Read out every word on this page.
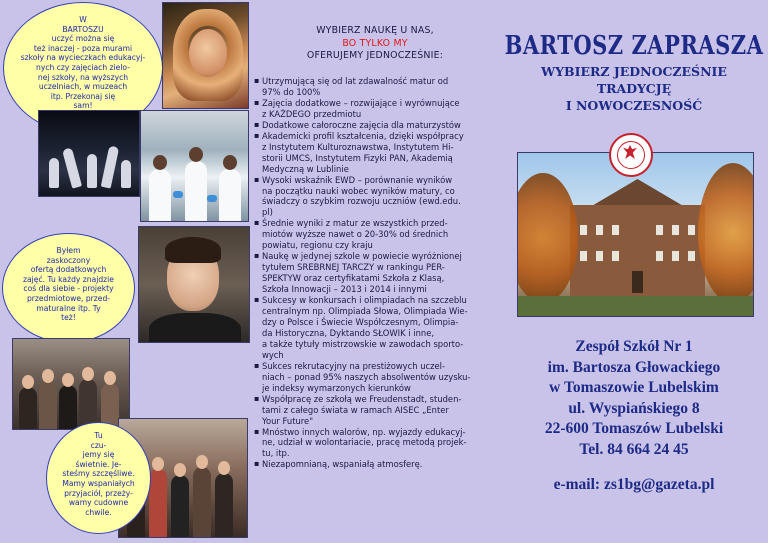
W
BARTOSZU
uczyć można się
też inaczej - poza murami
szkoły na wycieczkach edukacyj-
nych czy zajęciach zielo-
nej szkoły, na wyższych
uczelniach, w muzeach
itp. Przekonaj się
sam!

Byłem
zaskoczony
ofertą dodatkowych
zajęć. Tu każdy znajdzie
coś dla siebie - projekty
przedmiotowe, przed-
maturalne itp. Ty
też!

Tu
czu-
jemy się
świetnie. Je-
steśmy szczęśliwe.
Mamy wspaniałych
przyjaciół, przeży-
wamy cudowne
chwile.

WYBIERZ NAUKĘ U NAS,
BO TYLKO MY
OFERUJEMY JEDNOCZEŚNIE:
▪ Utrzymującą się od lat zdawalność matur od
97% do 100%
▪ Zajęcia dodatkowe – rozwijające i wyrównujące
z KAŻDEGO przedmiotu
▪ Dodatkowe całoroczne zajęcia dla maturzystów
▪ Akademicki profil kształcenia, dzięki współpracy
z Instytutem Kulturoznawstwa, Instytutem Hi-
storii UMCS, Instytutem Fizyki PAN, Akademią
Medyczną w Lublinie
▪ Wysoki wskaźnik EWD – porównanie wyników
na początku nauki wobec wyników matury, co
świadczy o szybkim rozwoju uczniów (ewd.edu.
pl)
▪ Średnie wyniki z matur ze wszystkich przed-
miotów wyższe nawet o 20-30% od średnich
powiatu, regionu czy kraju
▪ Naukę w jedynej szkole w powiecie wyróżnionej
tytułem SREBRNEJ TARCZY w rankingu PER-
SPEKTYW oraz certyfikatami Szkoła z Klasą,
Szkoła Innowacji – 2013 i 2014 i innymi
▪ Sukcesy w konkursach i olimpiadach na szczeblu
centralnym np. Olimpiada Słowa, Olimpiada Wie-
dzy o Polsce i Świecie Współczesnym, Olimpia-
da Historyczna, Dyktando SŁOWIK i inne,
a także tytuły mistrzowskie w zawodach sporto-
wych
▪ Sukces rekrutacyjny na prestiżowych uczel-
niach – ponad 95% naszych absolwentów uzysku-
je indeksy wymarzonych kierunków
▪ Współpracę ze szkołą we Freudenstadt, studen-
tami z całego świata w ramach AISEC „Enter
Your Future"
▪ Mnóstwo innych walorów, np. wyjazdy edukacyj-
ne, udział w wolontariacie, pracę metodą projek-
tu, itp.
▪ Niezapomnianą, wspaniałą atmosferę.
BARTOSZ ZAPRASZA
WYBIERZ JEDNOCZEŚNIE
TRADYCJĘ
I NOWOCZESNOŚĆ
Zespół Szkół Nr 1
im. Bartosza Głowackiego
w Tomaszowie Lubelskim
ul. Wyspiańskiego 8
22-600 Tomaszów Lubelski
Tel. 84 664 24 45
e-mail: zs1bg@gazeta.pl
